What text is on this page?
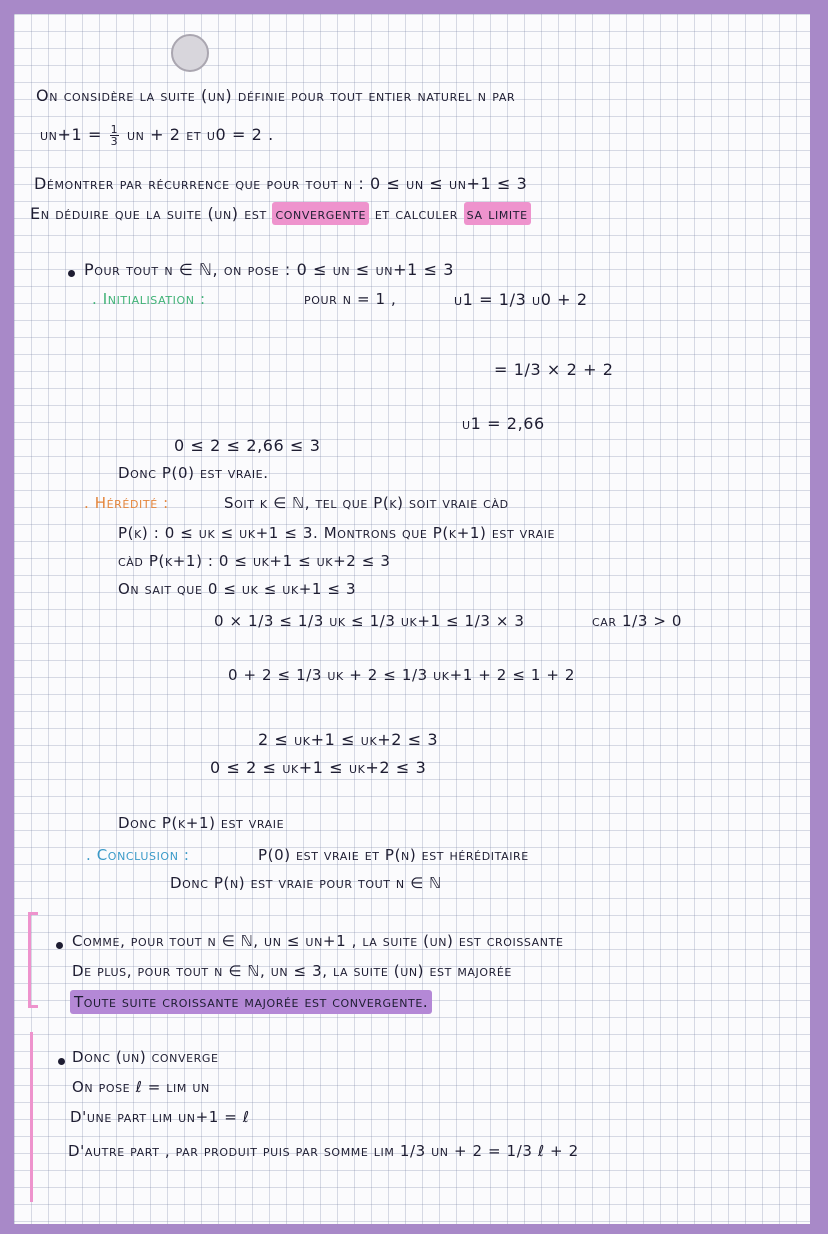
On considère la suite (un) définie pour tout entier naturel n par
$un+1 = \frac{1}{3}$ un + 2 et u0 = 2 .
Démontrer par récurrence que pour tout n : 0 ≤ un ≤ un+1 ≤ 3
En déduire que la suite (un) est convergente et calculer sa limite
Pour tout n ∈ ℕ, on pose : 0 ≤ un ≤ un+1 ≤ 3
. Initialisation :	pour n = 1 ,	u1 = 1/3 u0 + 2
= 1/3 × 2 + 2
u1 = 2,66
0 ≤ 2 ≤ 2,66 ≤ 3
Donc P(0) est vraie.
. Hérédité :	Soit k ∈ ℕ, tel que P(k) soit vraie càd
P(k) : 0 ≤ uk ≤ uk+1 ≤ 3. Montrons que P(k+1) est vraie
càd P(k+1) : 0 ≤ uk+1 ≤ uk+2 ≤ 3
On sait que 0 ≤ uk ≤ uk+1 ≤ 3
0 × 1/3 ≤ 1/3 uk ≤ 1/3 uk+1 ≤ 1/3 × 3	car 1/3 > 0
0 + 2 ≤ 1/3 uk + 2 ≤ 1/3 uk+1 + 2 ≤ 1 + 2
2 ≤ uk+1 ≤ uk+2 ≤ 3
0 ≤ 2 ≤ uk+1 ≤ uk+2 ≤ 3
Donc P(k+1) est vraie
. Conclusion :	P(0) est vraie et P(n) est héréditaire
Donc P(n) est vraie pour tout n ∈ ℕ
Comme, pour tout n ∈ ℕ, un ≤ un+1 , la suite (un) est croissante
De plus, pour tout n ∈ ℕ, un ≤ 3, la suite (un) est majorée
Toute suite croissante majorée est convergente.
Donc (un) converge
On pose ℓ = lim un
D'une part lim un+1 = ℓ
D'autre part , par produit puis par somme lim 1/3 un + 2 = 1/3 ℓ + 2
